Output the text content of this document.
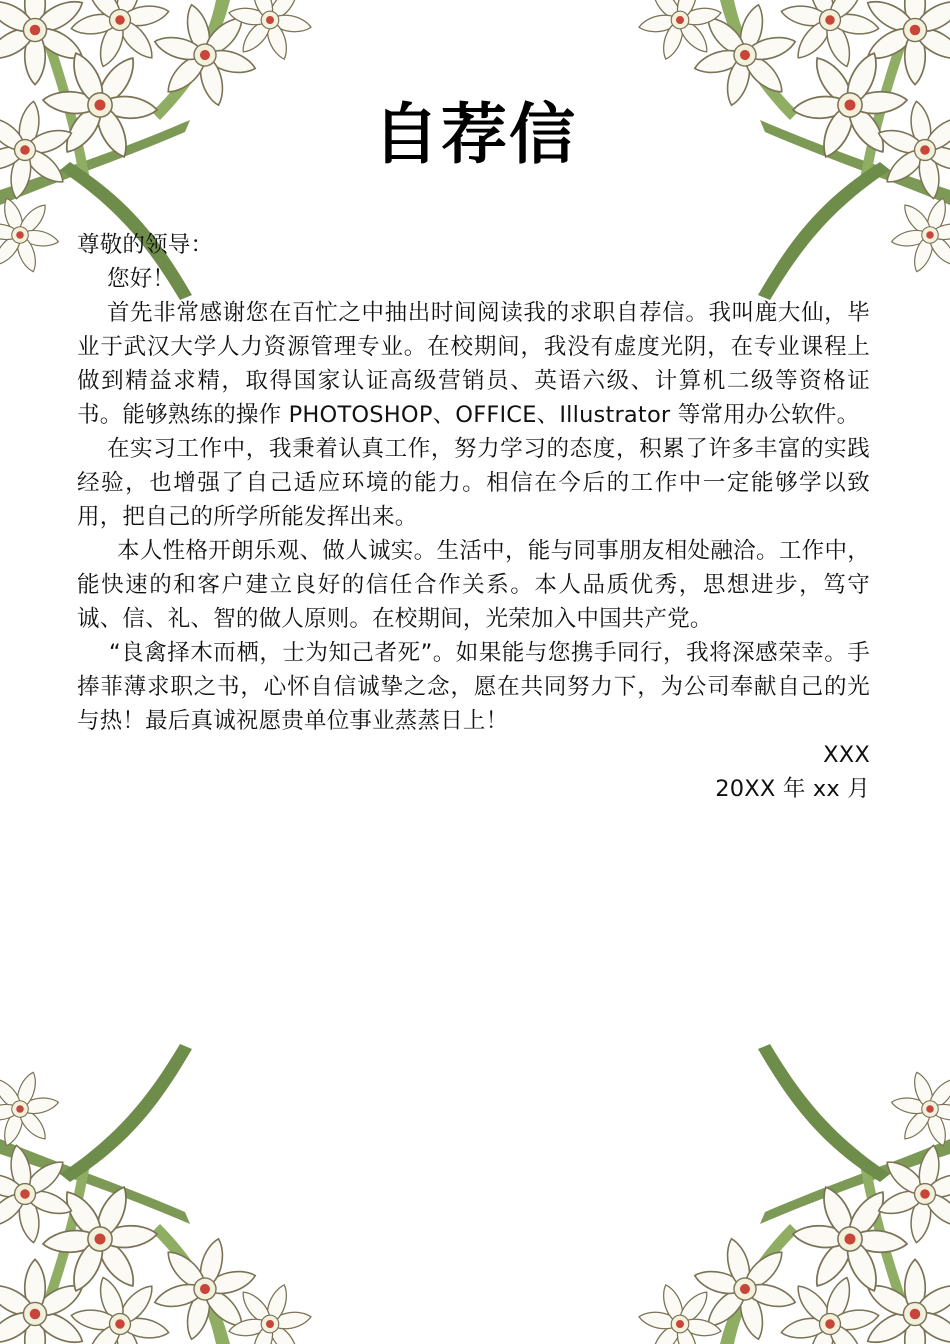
自荐信

尊敬的领导：

您好！

首先非常感谢您在百忙之中抽出时间阅读我的求职自荐信。我叫鹿大仙，毕业于武汉大学人力资源管理专业。在校期间，我没有虚度光阴，在专业课程上做到精益求精，取得国家认证高级营销员、英语六级、计算机二级等资格证书。能够熟练的操作 PHOTOSHOP、OFFICE、Illustrator 等常用办公软件。

在实习工作中，我秉着认真工作，努力学习的态度，积累了许多丰富的实践经验，也增强了自己适应环境的能力。相信在今后的工作中一定能够学以致用，把自己的所学所能发挥出来。

本人性格开朗乐观、做人诚实。生活中，能与同事朋友相处融洽。工作中，能快速的和客户建立良好的信任合作关系。本人品质优秀，思想进步，笃守诚、信、礼、智的做人原则。在校期间，光荣加入中国共产党。

“良禽择木而栖，士为知己者死”。如果能与您携手同行，我将深感荣幸。手捧菲薄求职之书，心怀自信诚挚之念，愿在共同努力下，为公司奉献自己的光与热！最后真诚祝愿贵单位事业蒸蒸日上！

XXX

20XX 年 xx 月
